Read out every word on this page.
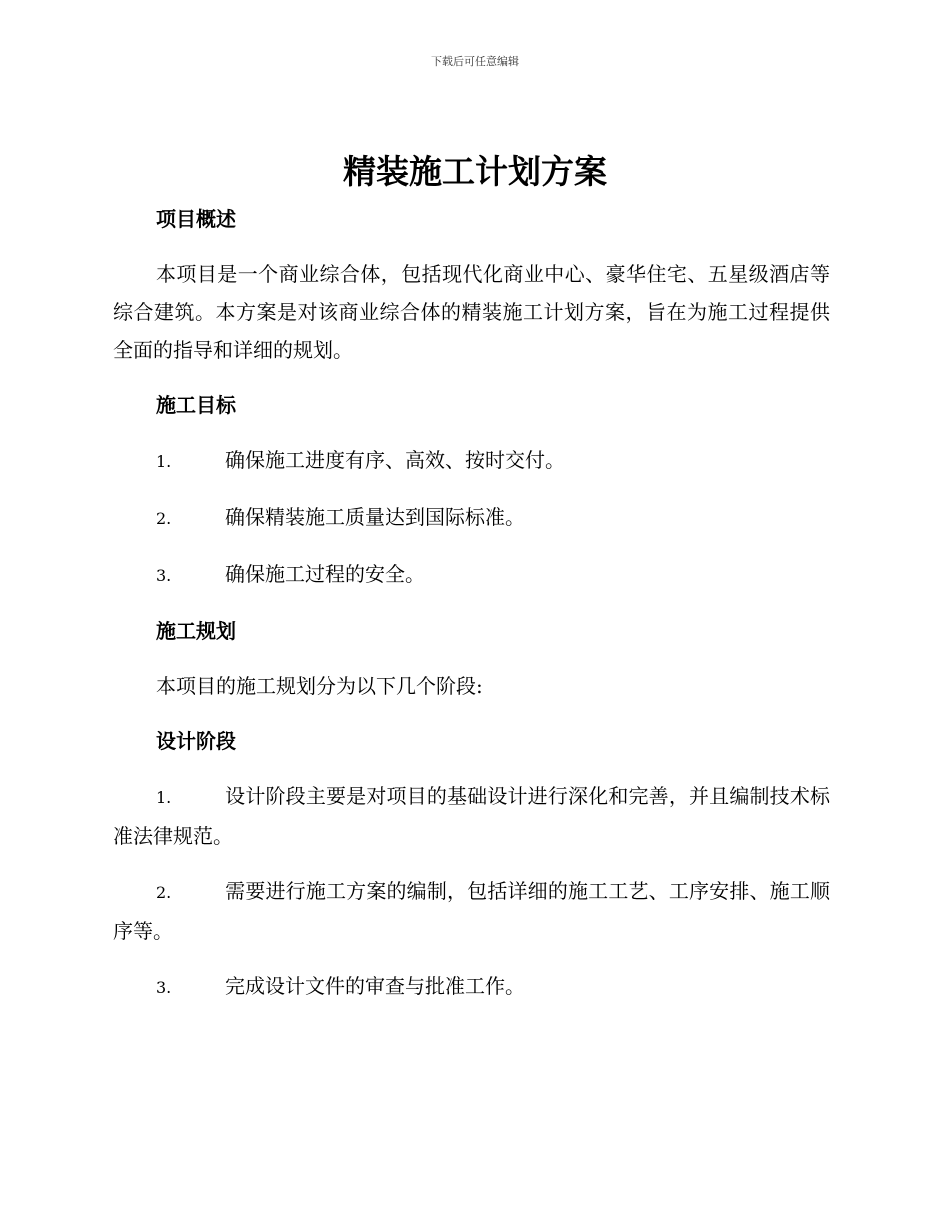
下载后可任意编辑
精装施工计划方案

项目概述

本项目是一个商业综合体，包括现代化商业中心、豪华住宅、五星级酒店等综合建筑。本方案是对该商业综合体的精装施工计划方案，旨在为施工过程提供全面的指导和详细的规划。

施工目标

1.	确保施工进度有序、高效、按时交付。

2.	确保精装施工质量达到国际标准。

3.	确保施工过程的安全。

施工规划

本项目的施工规划分为以下几个阶段:

设计阶段

1.	设计阶段主要是对项目的基础设计进行深化和完善，并且编制技术标准法律规范。

2.	需要进行施工方案的编制，包括详细的施工工艺、工序安排、施工顺序等。

3.	完成设计文件的审查与批准工作。
